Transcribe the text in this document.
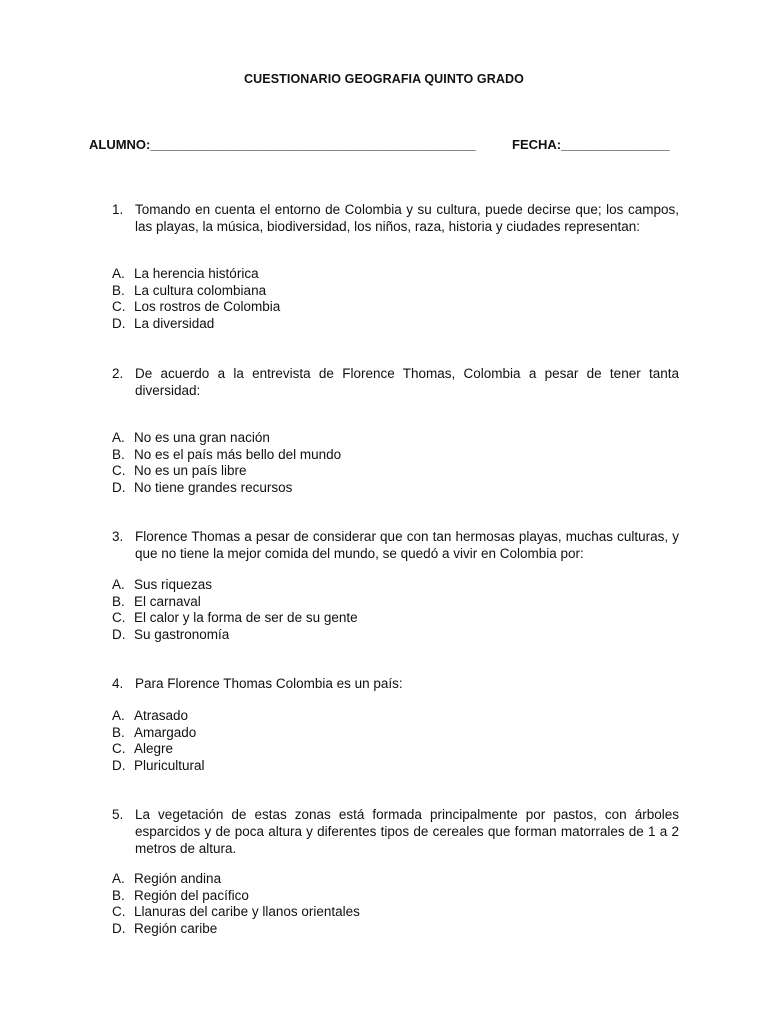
CUESTIONARIO GEOGRAFIA QUINTO GRADO
ALUMNO:_____________________________________________	FECHA:_______________
1. Tomando en cuenta el entorno de Colombia y su cultura, puede decirse que; los campos, las playas, la música, biodiversidad, los niños, raza, historia y ciudades representan:
A. La herencia histórica
B. La cultura colombiana
C. Los rostros de Colombia
D. La diversidad
2. De acuerdo a la entrevista de Florence Thomas, Colombia a pesar de tener tanta diversidad:
A. No es una gran nación
B. No es el país más bello del mundo
C. No es un país libre
D. No tiene grandes recursos
3. Florence Thomas a pesar de considerar que con tan hermosas playas, muchas culturas, y que no tiene la mejor comida del mundo, se quedó a vivir en Colombia por:
A. Sus riquezas
B. El carnaval
C. El calor y la forma de ser de su gente
D. Su gastronomía
4. Para Florence Thomas Colombia es un país:
A. Atrasado
B. Amargado
C. Alegre
D. Pluricultural
5. La vegetación de estas zonas está formada principalmente por pastos, con árboles esparcidos y de poca altura y diferentes tipos de cereales que forman matorrales de 1 a 2 metros de altura.
A. Región andina
B. Región del pacífico
C. Llanuras del caribe y llanos orientales
D. Región caribe
